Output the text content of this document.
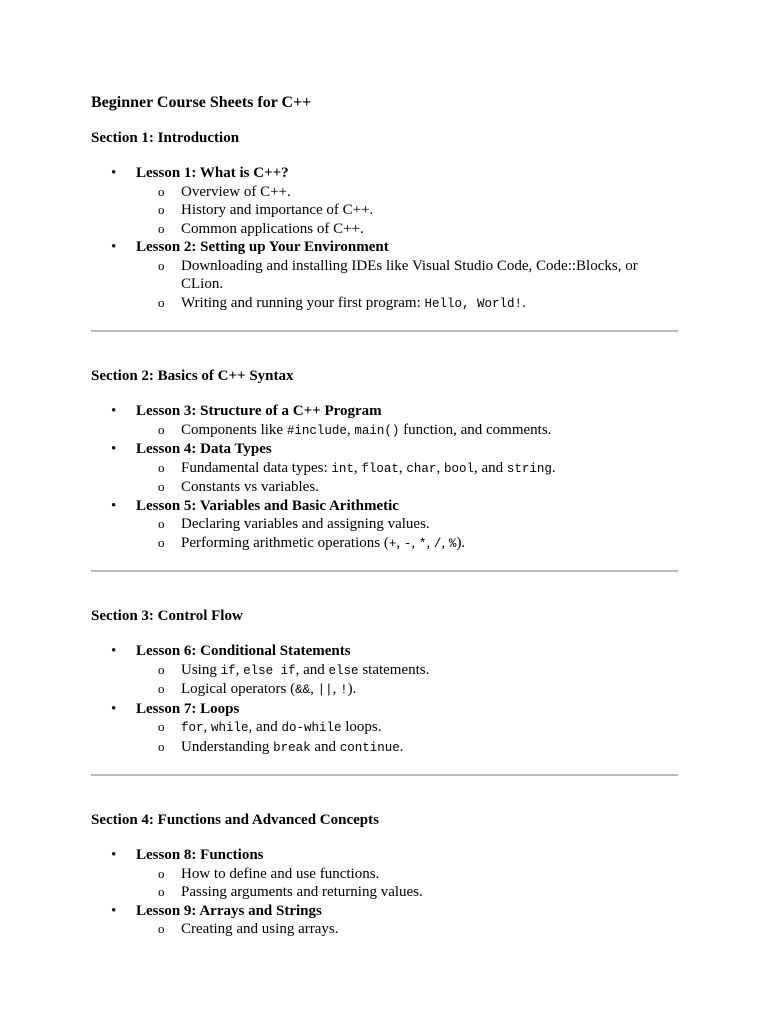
Beginner Course Sheets for C++
Section 1: Introduction
• Lesson 1: What is C++?
o Overview of C++.
o History and importance of C++.
o Common applications of C++.
• Lesson 2: Setting up Your Environment
o Downloading and installing IDEs like Visual Studio Code, Code::Blocks, or CLion.
o Writing and running your first program: Hello, World!.
Section 2: Basics of C++ Syntax
• Lesson 3: Structure of a C++ Program
o Components like #include, main() function, and comments.
• Lesson 4: Data Types
o Fundamental data types: int, float, char, bool, and string.
o Constants vs variables.
• Lesson 5: Variables and Basic Arithmetic
o Declaring variables and assigning values.
o Performing arithmetic operations (+, -, *, /, %).
Section 3: Control Flow
• Lesson 6: Conditional Statements
o Using if, else if, and else statements.
o Logical operators (&&, ||, !).
• Lesson 7: Loops
o for, while, and do-while loops.
o Understanding break and continue.
Section 4: Functions and Advanced Concepts
• Lesson 8: Functions
o How to define and use functions.
o Passing arguments and returning values.
• Lesson 9: Arrays and Strings
o Creating and using arrays.
